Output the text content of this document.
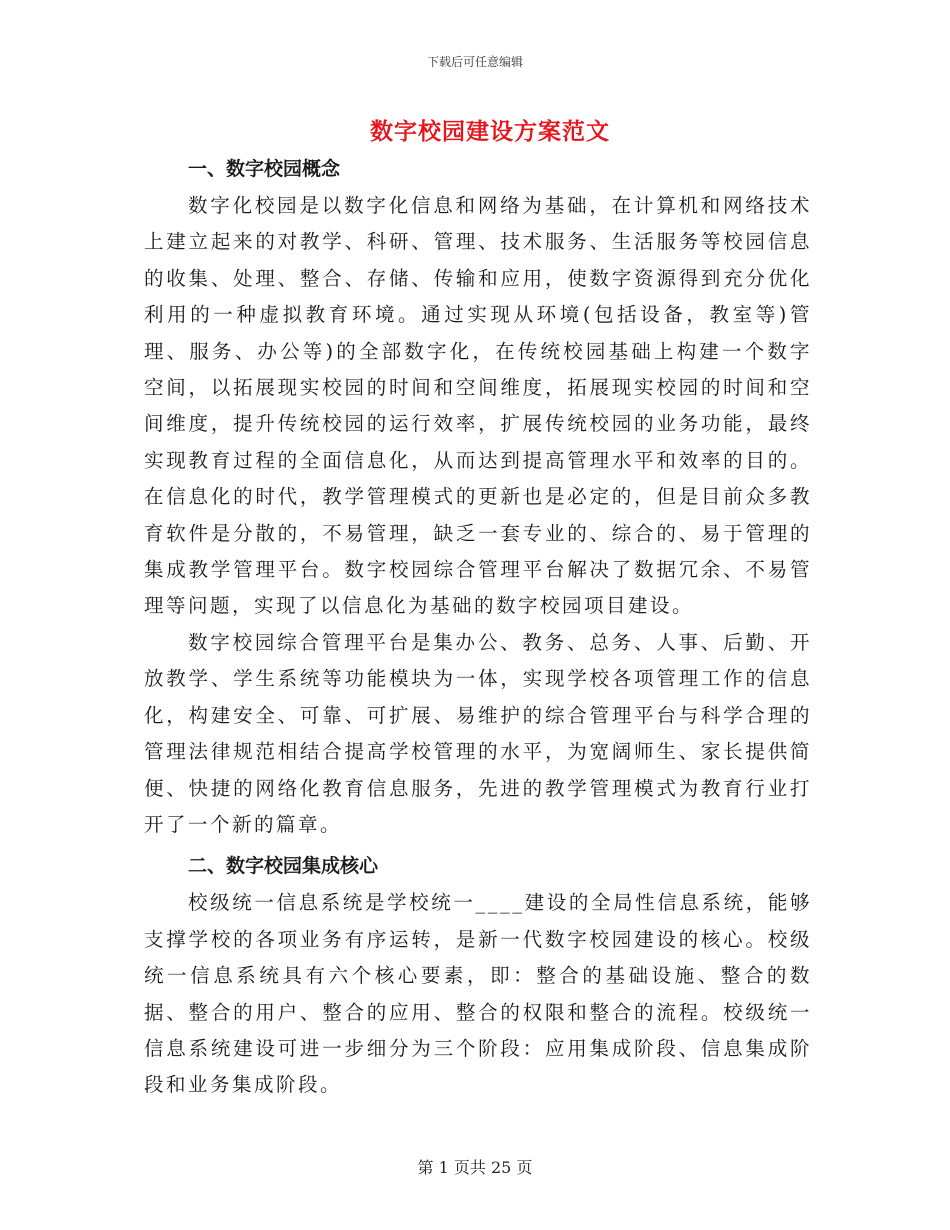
下载后可任意编辑
数字校园建设方案范文

一、数字校园概念

数字化校园是以数字化信息和网络为基础，在计算机和网络技术上建立起来的对教学、科研、管理、技术服务、生活服务等校园信息的收集、处理、整合、存储、传输和应用，使数字资源得到充分优化利用的一种虚拟教育环境。通过实现从环境(包括设备，教室等)管理、服务、办公等)的全部数字化，在传统校园基础上构建一个数字空间，以拓展现实校园的时间和空间维度，拓展现实校园的时间和空间维度，提升传统校园的运行效率，扩展传统校园的业务功能，最终实现教育过程的全面信息化，从而达到提高管理水平和效率的目的。在信息化的时代，教学管理模式的更新也是必定的，但是目前众多教育软件是分散的，不易管理，缺乏一套专业的、综合的、易于管理的集成教学管理平台。数字校园综合管理平台解决了数据冗余、不易管理等问题，实现了以信息化为基础的数字校园项目建设。

数字校园综合管理平台是集办公、教务、总务、人事、后勤、开放教学、学生系统等功能模块为一体，实现学校各项管理工作的信息化，构建安全、可靠、可扩展、易维护的综合管理平台与科学合理的管理法律规范相结合提高学校管理的水平，为宽阔师生、家长提供简便、快捷的网络化教育信息服务，先进的教学管理模式为教育行业打开了一个新的篇章。

二、数字校园集成核心

校级统一信息系统是学校统一____建设的全局性信息系统，能够支撑学校的各项业务有序运转，是新一代数字校园建设的核心。校级统一信息系统具有六个核心要素，即：整合的基础设施、整合的数据、整合的用户、整合的应用、整合的权限和整合的流程。校级统一信息系统建设可进一步细分为三个阶段：应用集成阶段、信息集成阶段和业务集成阶段。

第 1 页共 25 页
